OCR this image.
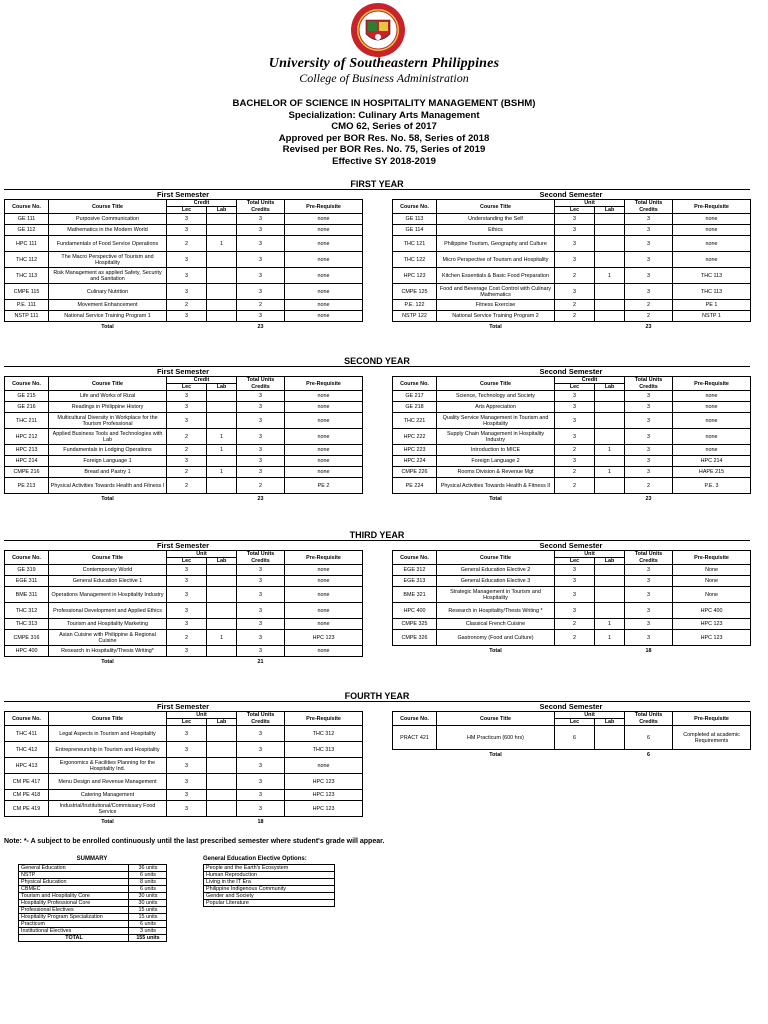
University of Southeastern Philippines
College of Business Administration
BACHELOR OF SCIENCE IN HOSPITALITY MANAGEMENT (BSHM)
Specialization: Culinary Arts Management
CMO 62, Series of 2017
Approved per BOR Res. No. 58, Series of 2018
Revised per BOR Res. No. 75, Series of 2019
Effective SY 2018-2019
FIRST YEAR
First Semester
Course No.	Course Title	Credit		Total Units	Pre-Requisite
		Lec	Lab	Credits	
GE 111	Purposive Communication	3		3	none
GE 112	Mathematics in the Modern World	3		3	none
HPC 111	Fundamentals of Food Service Operations	2	1	3	none
THC 112	The Macro Perspective of Tourism and Hospitality	3		3	none
THC 113	Risk Management as applied Safety, Security and Sanitation	3		3	none
CMPE 115	Culinary Nutrition	3		3	none
P.E. 111	Movement Enhancement	2		2	none
NSTP 111	National Service Training Program 1	3		3	none
	Total			23	
Second Semester
Course No.	Course Title	Unit		Total Units	Pre-Requisite
		Lec	Lab	Credits	
GE 113	Understanding the Self	3		3	none
GE 114	Ethics	3		3	none
THC 121	Philippine Tourism, Geography and Culture	3		3	none
THC 122	Micro Perspective of Tourism and Hospitality	3		3	none
HPC 123	Kitchen Essentials & Basic Food Preparation	2	1	3	THC 113
CMPE 125	Food and Beverage Cost Control with Culinary Mathematics	3		3	THC 113
P.E. 122	Fitness Exercise	2		2	PE 1
NSTP 122	National Service Training Program 2	2		2	NSTP 1
	Total			23	
SECOND YEAR
First Semester
Course No.	Course Title	Credit		Total Units	Pre-Requisite
		Lec	Lab	Credits	
GE 215	Life and Works of Rizal	3		3	none
GE 216	Readings in Philippine History	3		3	none
THC 211	Multicultural Diversity in Workplace for the Tourism Professional	3		3	none
HPC 212	Applied Business Tools and Technologies with Lab	2	1	3	none
HPC 213	Fundamentals in Lodging Operations	2	1	3	none
HPC 214	Foreign Language 1	3		3	none
CMPE 216	Bread and Pastry 1	2	1	3	none
PE 213	Physical Activities Towards Health and Fitness I	2		2	PE 2
	Total			23	
Second Semester
Course No.	Course Title	Credit		Total Units	Pre-Requisite
		Lec	Lab	Credits	
GE 217	Science, Technology and Society	3		3	none
GE 218	Arts Appreciation	3		3	none
THC 221	Quality Service Management in Tourism and Hospitality	3		3	none
HPC 222	Supply Chain Management in Hospitality Industry	3		3	none
HPC 223	Introduction to MICE	2	1	3	none
HPC 224	Foreign Language 2	3		3	HPC 214
CMPE 226	Rooms Division & Revenue Mgt	2	1	3	HAPE 215
PE 224	Physical Activities Towards Health & Fitness II	2		2	P.E. 3
	Total			23	
THIRD YEAR
First Semester
Course No.	Course Title	Unit		Total Units	Pre-Requisite
		Lec	Lab	Credits	
GE 319	Contemporary World	3		3	none
EGE 311	General Education Elective 1	3		3	none
BME 311	Operations Management in Hospitality Industry	3		3	none
THC 312	Professional Development and Applied Ethics	3		3	none
THC 313	Tourism and Hospitality Marketing	3		3	none
CMPE 316	Asian Cuisine with Philippine & Regional Cuisine	2	1	3	HPC 123
HPC 400	Research in Hospitality/Thesis Writing*	3		3	none
	Total			21	
Second Semester
Course No.	Course Title	Unit		Total Units	Pre-Requisite
		Lec	Lab	Credits	
EGE 312	General Education Elective 2	3		3	None
EGE 313	General Education Elective 3	3		3	None
BME 321	Strategic Management in Tourism and Hospitality	3		3	None
HPC 400	Research in Hospitality/Thesis Writing *	3		3	HPC 400
CMPE 325	Classical French Cuisine	2	1	3	HPC 123
CMPE 326	Gastronomy (Food and Culture)	2	1	3	HPC 123
	Total			18	
FOURTH YEAR
First Semester
Course No.	Course Title	Unit		Total Units	Pre-Requisite
		Lec	Lab	Credits	
THC 411	Legal Aspects in Tourism and Hospitality	3		3	THC 312
THC 412	Entrepreneurship in Tourism and Hospitality	3		3	THC 313
HPC 413	Ergonomics & Facilities Planning for the Hospitality Ind.	3		3	none
CM PE 417	Menu Design and Revenue Management	3		3	HPC 123
CM PE 418	Catering Management	3		3	HPC 123
CM PE 419	Industrial/Institutional/Commissary Food Service	3		3	HPC 123
	Total			18	
Second Semester
Course No.	Course Title	Unit		Total Units	Pre-Requisite
		Lec	Lab	Credits	
PRACT 421	HM Practicum (600 hrs)	6		6	Completed at academic Requirements
	Total			6	
Note: *- A subject to be enrolled continuously until the last prescribed semester where student's grade will appear.
SUMMARY
General Education	36 units
NSTP	6 units
Physical Education	8 units
CBMEC	6 units
Tourism and Hospitality Core	30 units
Hospitality Professional Core	30 units
Professional Electives	15 units
Hospitality Program Specialization	15 units
Practicum	6 units
Institutional Electives	3 units
TOTAL	155 units
General Education Elective Options:
People and the Earth's Ecosystem
Human Reproduction
Living in the IT Era
Philippine Indigenous Community
Gender and Society
Popular Literature
